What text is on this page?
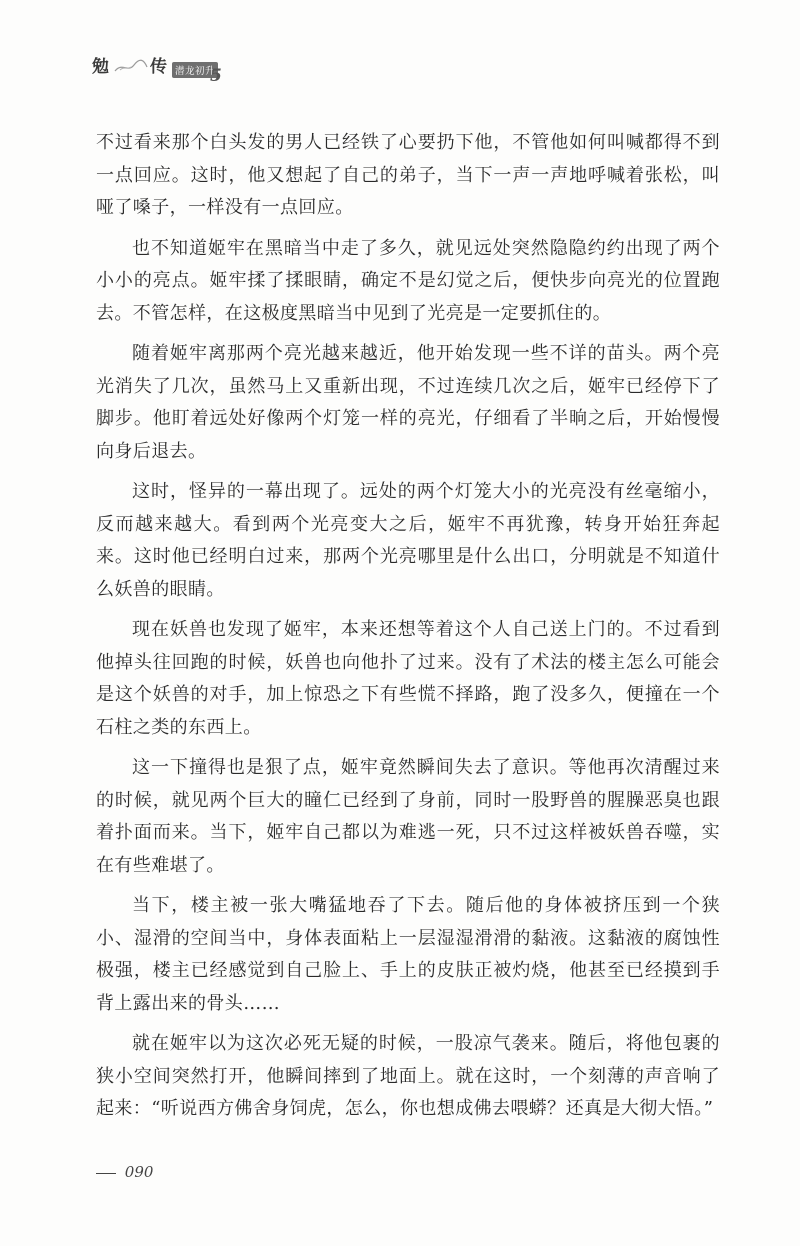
勉 传 潜龙初升
5

不过看来那个白头发的男人已经铁了心要扔下他，不管他如何叫喊都得不到一点回应。这时，他又想起了自己的弟子，当下一声一声地呼喊着张松，叫哑了嗓子，一样没有一点回应。

也不知道姬牢在黑暗当中走了多久，就见远处突然隐隐约约出现了两个小小的亮点。姬牢揉了揉眼睛，确定不是幻觉之后，便快步向亮光的位置跑去。不管怎样，在这极度黑暗当中见到了光亮是一定要抓住的。

随着姬牢离那两个亮光越来越近，他开始发现一些不详的苗头。两个亮光消失了几次，虽然马上又重新出现，不过连续几次之后，姬牢已经停下了脚步。他盯着远处好像两个灯笼一样的亮光，仔细看了半晌之后，开始慢慢向身后退去。

这时，怪异的一幕出现了。远处的两个灯笼大小的光亮没有丝毫缩小，反而越来越大。看到两个光亮变大之后，姬牢不再犹豫，转身开始狂奔起来。这时他已经明白过来，那两个光亮哪里是什么出口，分明就是不知道什么妖兽的眼睛。

现在妖兽也发现了姬牢，本来还想等着这个人自己送上门的。不过看到他掉头往回跑的时候，妖兽也向他扑了过来。没有了术法的楼主怎么可能会是这个妖兽的对手，加上惊恐之下有些慌不择路，跑了没多久，便撞在一个石柱之类的东西上。

这一下撞得也是狠了点，姬牢竟然瞬间失去了意识。等他再次清醒过来的时候，就见两个巨大的瞳仁已经到了身前，同时一股野兽的腥臊恶臭也跟着扑面而来。当下，姬牢自己都以为难逃一死，只不过这样被妖兽吞噬，实在有些难堪了。

当下，楼主被一张大嘴猛地吞了下去。随后他的身体被挤压到一个狭小、湿滑的空间当中，身体表面粘上一层湿湿滑滑的黏液。这黏液的腐蚀性极强，楼主已经感觉到自己脸上、手上的皮肤正被灼烧，他甚至已经摸到手背上露出来的骨头……

就在姬牢以为这次必死无疑的时候，一股凉气袭来。随后，将他包裹的狭小空间突然打开，他瞬间摔到了地面上。就在这时，一个刻薄的声音响了起来：“听说西方佛舍身饲虎，怎么，你也想成佛去喂蟒？还真是大彻大悟。”

090
